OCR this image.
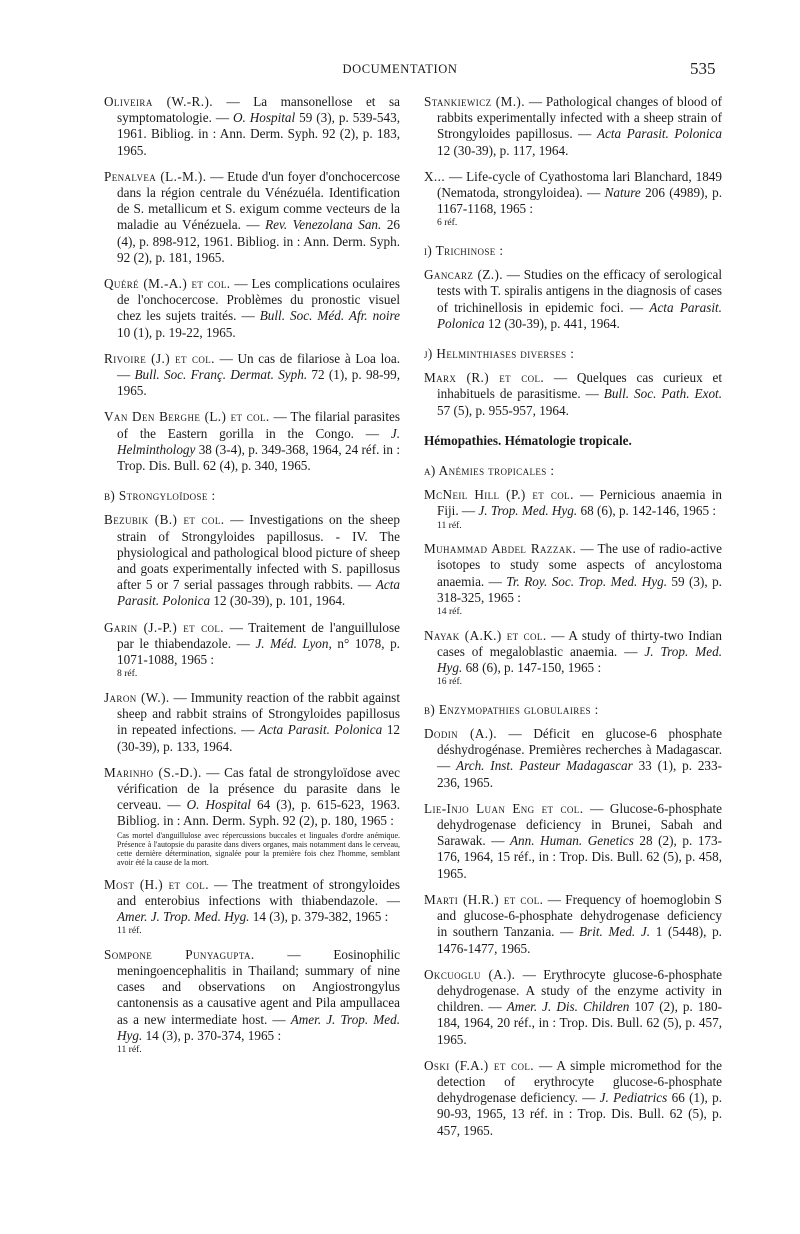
DOCUMENTATION	535
Oliveira (W.-R.). — La mansonellose et sa symptomatologie. — O. Hospital 59 (3), p. 539-543, 1961. Bibliog. in : Ann. Derm. Syph. 92 (2), p. 183, 1965.
Penalvea (L.-M.). — Etude d'un foyer d'onchocercose dans la région centrale du Vénézuéla. Identification de S. metallicum et S. exigum comme vecteurs de la maladie au Vénézuela. — Rev. Venezolana San. 26 (4), p. 898-912, 1961. Bibliog. in : Ann. Derm. Syph. 92 (2), p. 181, 1965.
Quéré (M.-A.) et col. — Les complications oculaires de l'onchocercose. Problèmes du pronostic visuel chez les sujets traités. — Bull. Soc. Méd. Afr. noire 10 (1), p. 19-22, 1965.
Rivoire (J.) et col. — Un cas de filariose à Loa loa. — Bull. Soc. Franç. Dermat. Syph. 72 (1), p. 98-99, 1965.
Van Den Berghe (L.) et col. — The filarial parasites of the Eastern gorilla in the Congo. — J. Helminthology 38 (3-4), p. 349-368, 1964, 24 réf. in : Trop. Dis. Bull. 62 (4), p. 340, 1965.
b) Strongyloïdose :
Bezubik (B.) et col. — Investigations on the sheep strain of Strongyloides papillosus. - IV. The physiological and pathological blood picture of sheep and goats experimentally infected with S. papillosus after 5 or 7 serial passages through rabbits. — Acta Parasit. Polonica 12 (30-39), p. 101, 1964.
Garin (J.-P.) et col. — Traitement de l'anguillulose par le thiabendazole. — J. Méd. Lyon, n° 1078, p. 1071-1088, 1965 :
8 réf.
Jaron (W.). — Immunity reaction of the rabbit against sheep and rabbit strains of Strongyloides papillosus in repeated infections. — Acta Parasit. Polonica 12 (30-39), p. 133, 1964.
Marinho (S.-D.). — Cas fatal de strongyloïdose avec vérification de la présence du parasite dans le cerveau. — O. Hospital 64 (3), p. 615-623, 1963. Bibliog. in : Ann. Derm. Syph. 92 (2), p. 180, 1965 :
Cas mortel d'anguillulose avec répercussions buccales et linguales d'ordre anémique. Présence à l'autopsie du parasite dans divers organes, mais notamment dans le cerveau, cette dernière détermination, signalée pour la première fois chez l'homme, semblant avoir été la cause de la mort.
Most (H.) et col. — The treatment of strongyloides and enterobius infections with thiabendazole. — Amer. J. Trop. Med. Hyg. 14 (3), p. 379-382, 1965 :
11 réf.
Sompone Punyagupta. — Eosinophilic meningoencephalitis in Thailand; summary of nine cases and observations on Angiostrongylus cantonensis as a causative agent and Pila ampullacea as a new intermediate host. — Amer. J. Trop. Med. Hyg. 14 (3), p. 370-374, 1965 :
11 réf.
Stankiewicz (M.). — Pathological changes of blood of rabbits experimentally infected with a sheep strain of Strongyloides papillosus. — Acta Parasit. Polonica 12 (30-39), p. 117, 1964.
X... — Life-cycle of Cyathostoma lari Blanchard, 1849 (Nematoda, strongyloidea). — Nature 206 (4989), p. 1167-1168, 1965 :
6 réf.
i) Trichinose :
Gancarz (Z.). — Studies on the efficacy of serological tests with T. spiralis antigens in the diagnosis of cases of trichinellosis in epidemic foci. — Acta Parasit. Polonica 12 (30-39), p. 441, 1964.
j) Helminthiases diverses :
Marx (R.) et col. — Quelques cas curieux et inhabituels de parasitisme. — Bull. Soc. Path. Exot. 57 (5), p. 955-957, 1964.
Hémopathies. Hématologie tropicale.
a) Anémies tropicales :
McNeil Hill (P.) et col. — Pernicious anaemia in Fiji. — J. Trop. Med. Hyg. 68 (6), p. 142-146, 1965 :
11 réf.
Muhammad Abdel Razzak. — The use of radio-active isotopes to study some aspects of ancylostoma anaemia. — Tr. Roy. Soc. Trop. Med. Hyg. 59 (3), p. 318-325, 1965 :
14 réf.
Nayak (A.K.) et col. — A study of thirty-two Indian cases of megaloblastic anaemia. — J. Trop. Med. Hyg. 68 (6), p. 147-150, 1965 :
16 réf.
b) Enzymopathies globulaires :
Dodin (A.). — Déficit en glucose-6 phosphate déshydrogénase. Premières recherches à Madagascar. — Arch. Inst. Pasteur Madagascar 33 (1), p. 233-236, 1965.
Lie-Injo Luan Eng et col. — Glucose-6-phosphate dehydrogenase deficiency in Brunei, Sabah and Sarawak. — Ann. Human. Genetics 28 (2), p. 173-176, 1964, 15 réf., in : Trop. Dis. Bull. 62 (5), p. 458, 1965.
Marti (H.R.) et col. — Frequency of hoemoglobin S and glucose-6-phosphate dehydrogenase deficiency in southern Tanzania. — Brit. Med. J. 1 (5448), p. 1476-1477, 1965.
Okcuoglu (A.). — Erythrocyte glucose-6-phosphate dehydrogenase. A study of the enzyme activity in children. — Amer. J. Dis. Children 107 (2), p. 180-184, 1964, 20 réf., in : Trop. Dis. Bull. 62 (5), p. 457, 1965.
Oski (F.A.) et col. — A simple micromethod for the detection of erythrocyte glucose-6-phosphate dehydrogenase deficiency. — J. Pediatrics 66 (1), p. 90-93, 1965, 13 réf. in : Trop. Dis. Bull. 62 (5), p. 457, 1965.
